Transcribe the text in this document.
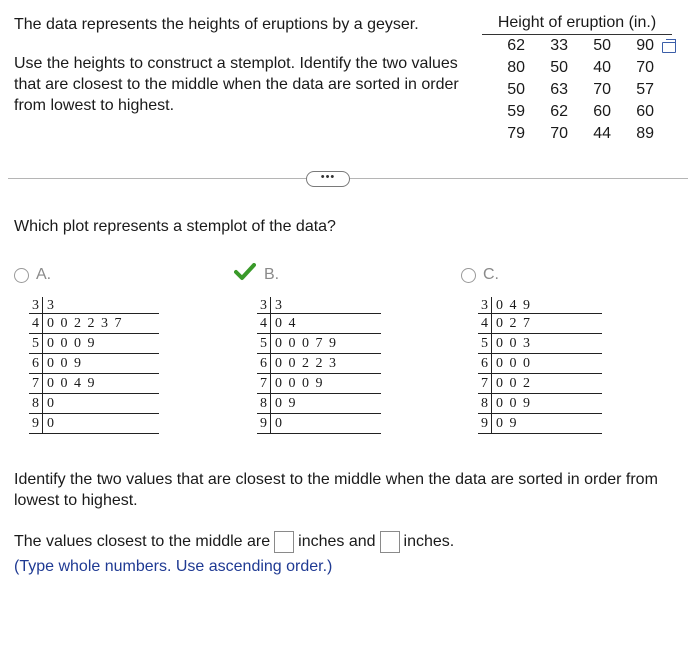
The data represents the heights of eruptions by a geyser.

Use the heights to construct a stemplot. Identify the two values that are closest to the middle when the data are sorted in order from lowest to highest.

Height of eruption (in.)
62	33	50	90
80	50	40	70
50	63	70	57
59	62	60	60
79	70	44	89
•••

Which plot represents a stemplot of the data?

A.
3 3
4 0 0 2 2 3 7
5 0 0 0 9
6 0 0 9
7 0 0 4 9
8 0
9 0
B.
3 3
4 0 4
5 0 0 0 7 9
6 0 0 2 2 3
7 0 0 0 9
8 0 9
9 0
C.
3 0 4 9
4 0 2 7
5 0 0 3
6 0 0 0
7 0 0 2
8 0 0 9
9 0 9

Identify the two values that are closest to the middle when the data are sorted in order from lowest to highest.

The values closest to the middle are inches and inches.

(Type whole numbers. Use ascending order.)
